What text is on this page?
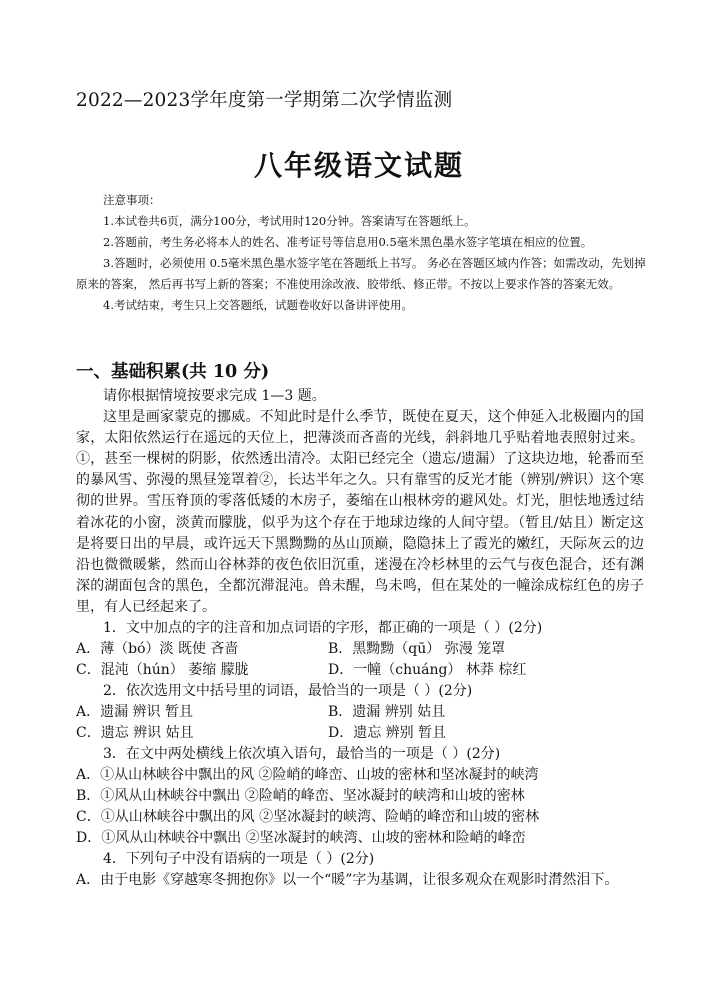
2022—2023学年度第一学期第二次学情监测
八年级语文试题

注意事项：

1.本试卷共6页，满分100分，考试用时120分钟。答案请写在答题纸上。

2.答题前，考生务必将本人的姓名、准考证号等信息用0.5毫米黑色墨水签字笔填在相应的位置。

3.答题时，必须使用 0.5毫米黑色墨水签字笔在答题纸上书写。 务必在答题区域内作答；如需改动，先划掉原来的答案， 然后再书写上新的答案；不准使用涂改液、胶带纸、修正带。不按以上要求作答的答案无效。

4.考试结束，考生只上交答题纸，试题卷收好以备讲评使用。

一、基础积累(共 10 分)

请你根据情境按要求完成 1—3 题。

这里是画家蒙克的挪威。不知此时是什么季节，既使在夏天，这个伸延入北极圈内的国家，太阳依然运行在遥远的天位上，把薄淡而吝啬的光线，斜斜地几乎贴着地表照射过来。①，甚至一棵树的阴影，依然透出清冷。太阳已经完全（遗忘/遗漏）了这块边地，轮番而至的暴风雪、弥漫的黑昼笼罩着②，长达半年之久。只有靠雪的反光才能（辨别/辨识）这个寒彻的世界。雪压脊顶的零落低矮的木房子，萎缩在山根林旁的避风处。灯光，胆怯地透过结着冰花的小窗，淡黄而朦胧，似乎为这个存在于地球边缘的人间守望。（暂且/姑且）断定这是将要日出的早晨，或许远天下黑黝黝的丛山顶巅，隐隐抹上了霞光的嫩红，天际灰云的边沿也微微暖紫，然而山谷林莽的夜色依旧沉重，迷漫在冷杉林里的云气与夜色混合，还有渊深的湖面包含的黑色，全都沉滞混沌。兽未醒，鸟未鸣，但在某处的一幢涂成棕红色的房子里，有人已经起来了。

1．文中加点的字的注音和加点词语的字形，都正确的一项是（ ）(2分)
A．薄（bó）淡 既使 吝啬	B．黑黝黝（qū） 弥漫 笼罩
C．混沌（hún） 萎缩 朦胧	D．一幢（chuáng） 林莽 棕红
2．依次选用文中括号里的词语，最恰当的一项是（ ）(2分)
A．遗漏 辨识 暂且	B．遗漏 辨别 姑且
C．遗忘 辨识 姑且	D．遗忘 辨别 暂且
3．在文中两处横线上依次填入语句，最恰当的一项是（ ）(2分)
A．①从山林峡谷中飘出的风 ②险峭的峰峦、山坡的密林和坚冰凝封的峡湾
B．①风从山林峡谷中飘出 ②险峭的峰峦、坚冰凝封的峡湾和山坡的密林
C．①从山林峡谷中飘出的风 ②坚冰凝封的峡湾、险峭的峰峦和山坡的密林
D．①风从山林峡谷中飘出 ②坚冰凝封的峡湾、山坡的密林和险峭的峰峦
4．下列句子中没有语病的一项是（ ）(2分)
A．由于电影《穿越寒冬拥抱你》以一个“暖”字为基调，让很多观众在观影时潸然泪下。
